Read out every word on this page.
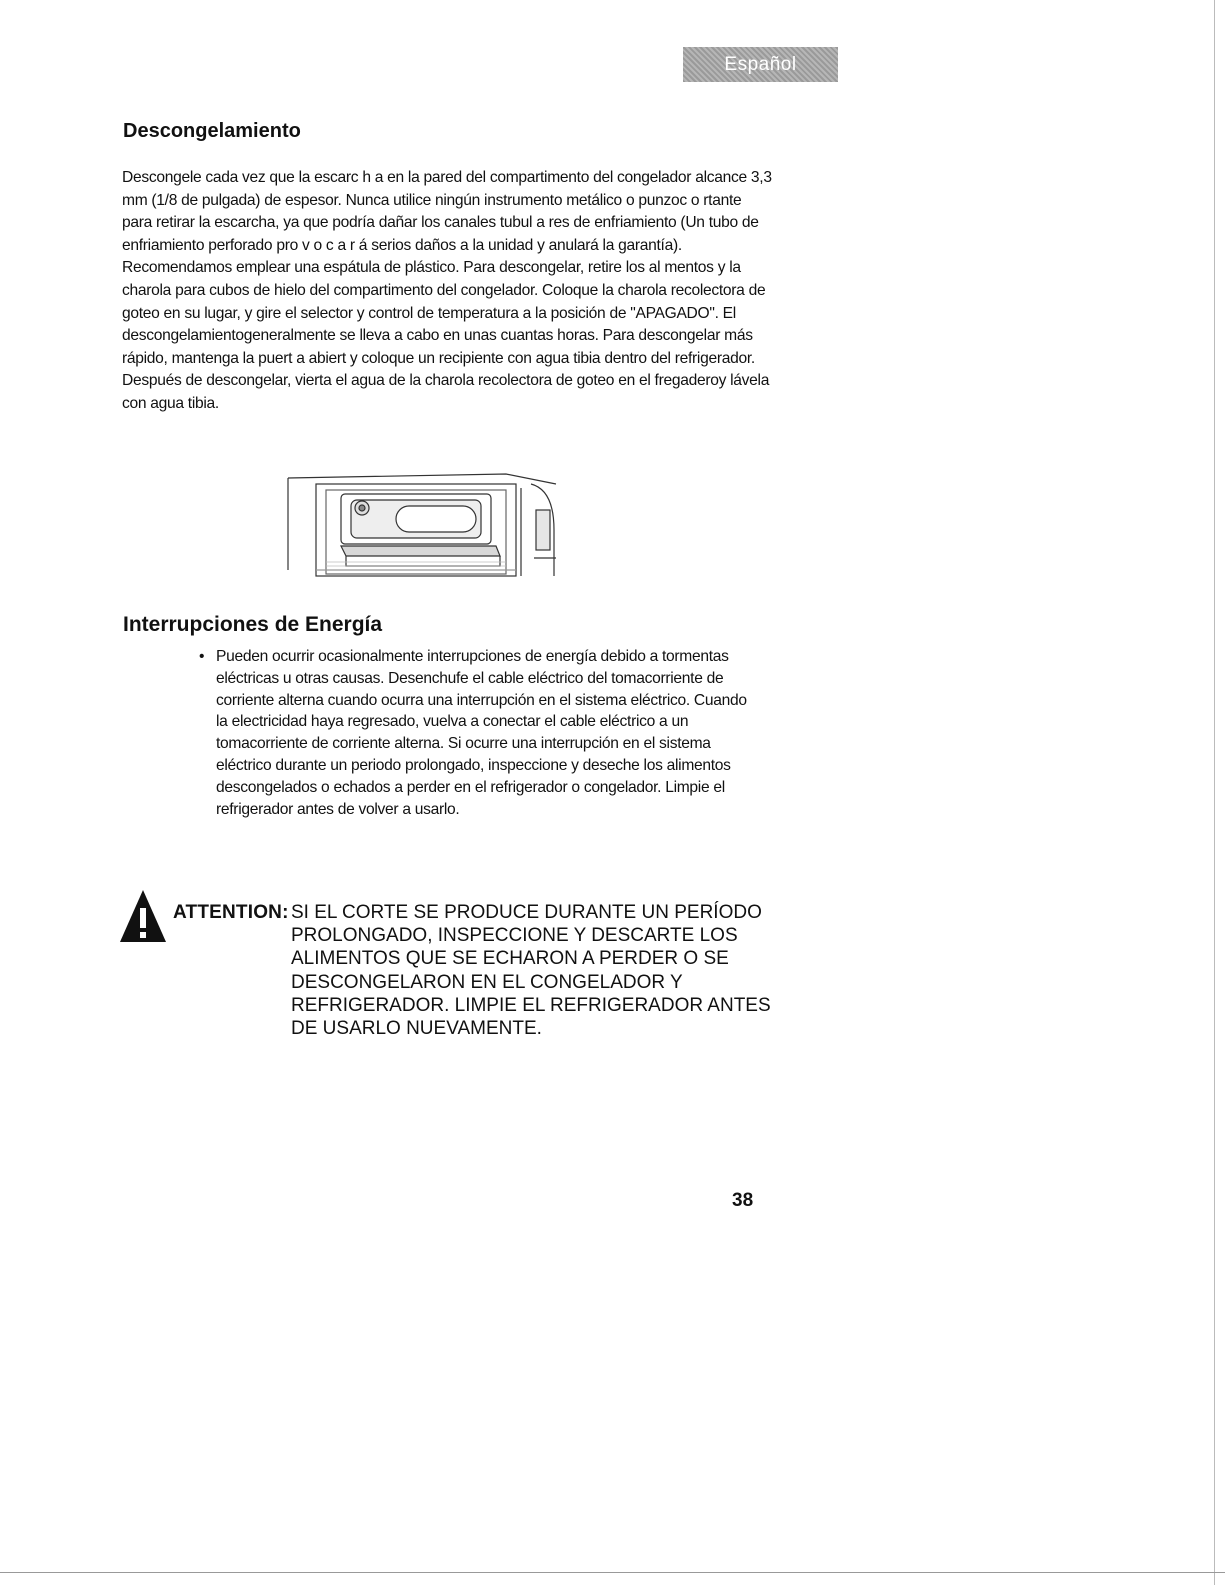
Español
Descongelamiento
Descongele cada vez que la escarc h a en la pared del compartimento del congelador alcance 3,3 mm (1/8 de pulgada) de espesor. Nunca utilice ningún instrumento metálico o punzoc o rtante para retirar la escarcha, ya que podría dañar los canales tubul a res de enfriamiento (Un tubo de enfriamiento perforado pro v o c a r á serios daños a la unidad y anulará la garantía). Recomendamos emplear una espátula de plástico. Para descongelar, retire los al mentos y la charola para cubos de hielo del compartimento del congelador. Coloque la charola recolectora de goteo en su lugar, y gire el selector y control de temperatura a la posición de "APAGADO". El descongelamientogeneralmente se lleva a cabo en unas cuantas horas. Para descongelar más rápido, mantenga la puert a abiert y coloque un recipiente con agua tibia dentro del refrigerador. Después de descongelar, vierta el agua de la charola recolectora de goteo en el fregaderoy lávela con agua tibia.
Interrupciones de Energía
• Pueden ocurrir ocasionalmente interrupciones de energía debido a tormentas eléctricas u otras causas. Desenchufe el cable eléctrico del tomacorriente de corriente alterna cuando ocurra una interrupción en el sistema eléctrico. Cuando la electricidad haya regresado, vuelva a conectar el cable eléctrico a un tomacorriente de corriente alterna. Si ocurre una interrupción en el sistema eléctrico durante un periodo prolongado, inspeccione y deseche los alimentos descongelados o echados a perder en el refrigerador o congelador. Limpie el refrigerador antes de volver a usarlo.
ATTENTION: SI EL CORTE SE PRODUCE DURANTE UN PERÍODO PROLONGADO, INSPECCIONE Y DESCARTE LOS ALIMENTOS QUE SE ECHARON A PERDER O SE DESCONGELARON EN EL CONGELADOR Y REFRIGERADOR. LIMPIE EL REFRIGERADOR ANTES DE USARLO NUEVAMENTE.
38
